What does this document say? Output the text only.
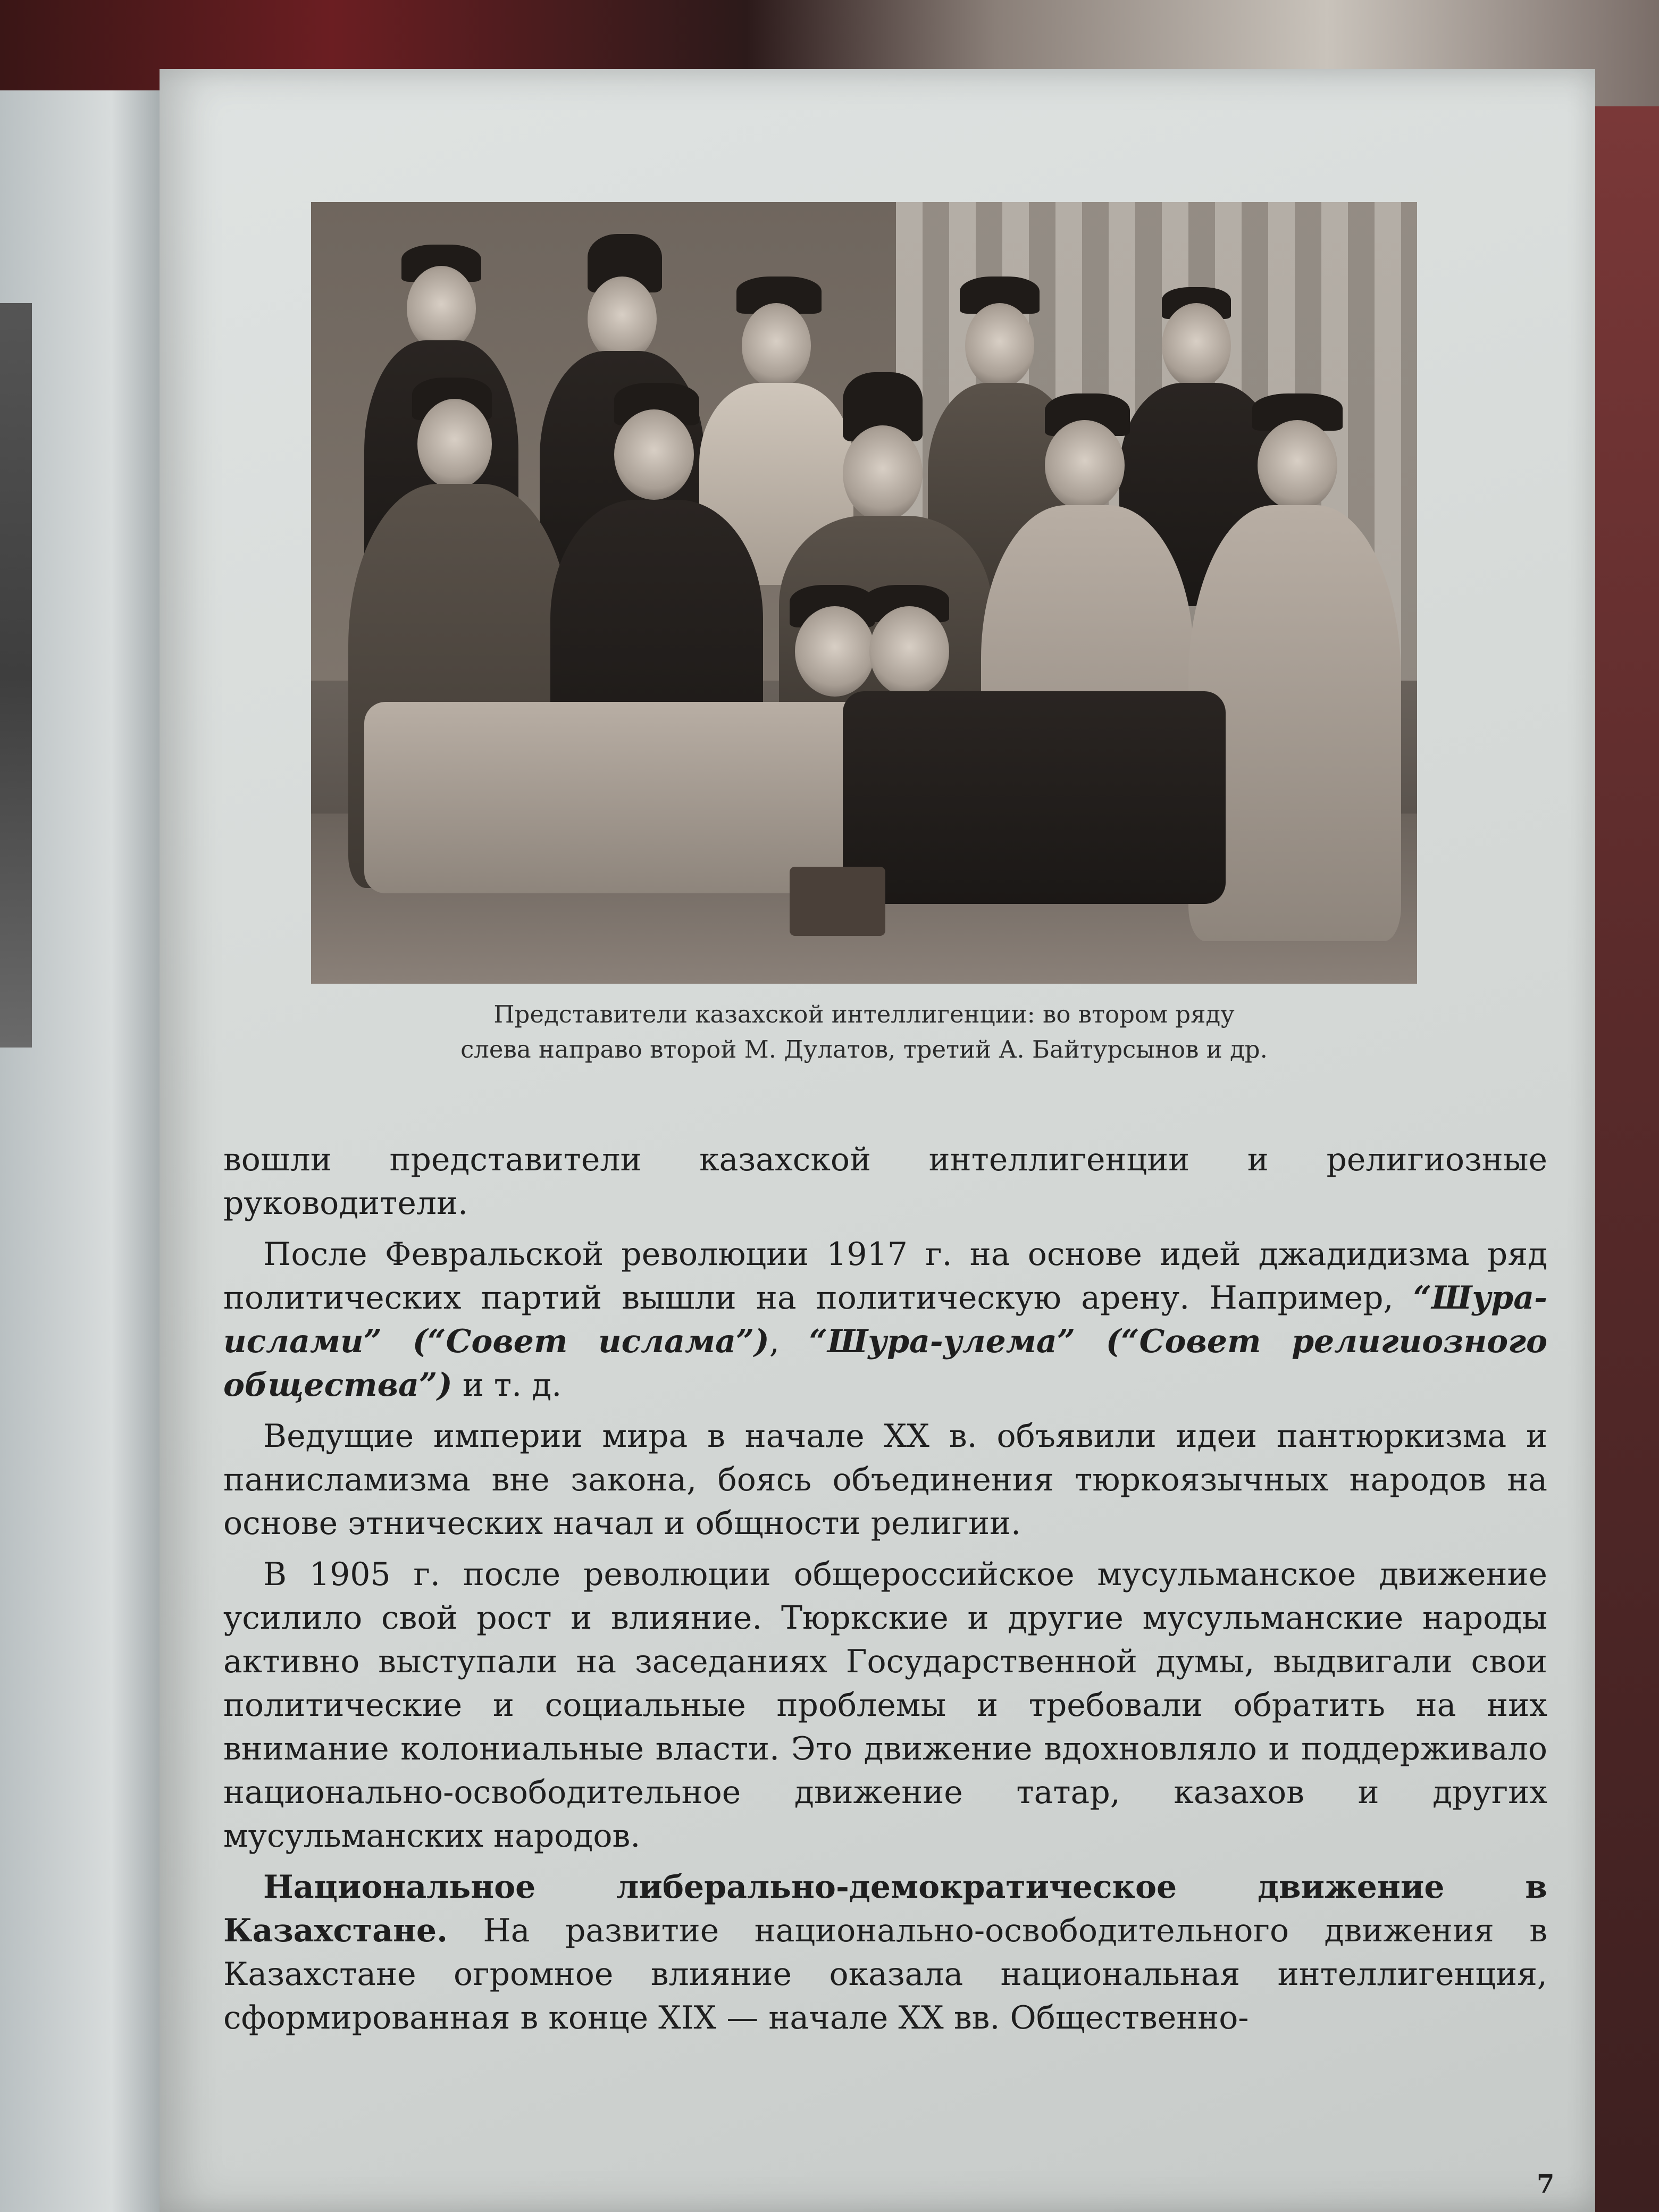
Представители казахской интеллигенции: во втором ряду
слева направо второй М. Дулатов, третий А. Байтурсынов и др.

вошли представители казахской интеллигенции и религиозные руководители.

После Февральской революции 1917 г. на основе идей джадидизма ряд политических партий вышли на политическую арену. Например, “Шура-ислами” (“Совет ислама”), “Шура-улема” (“Совет религиозного общества”) и т. д.

Ведущие империи мира в начале XX в. объявили идеи пантюркизма и панисламизма вне закона, боясь объединения тюркоязычных народов на основе этнических начал и общности религии.

В 1905 г. после революции общероссийское мусульманское движение усилило свой рост и влияние. Тюркские и другие мусульманские народы активно выступали на заседаниях Государственной думы, выдвигали свои политические и социальные проблемы и требовали обратить на них внимание колониальные власти. Это движение вдохновляло и поддерживало национально-освободительное движение татар, казахов и других мусульманских народов.

Национальное либерально-демократическое движение в Казахстане. На развитие национально-освободительного движения в Казахстане огромное влияние оказала национальная интеллигенция, сформированная в конце XIX — начале XX вв. Общественно-

7
